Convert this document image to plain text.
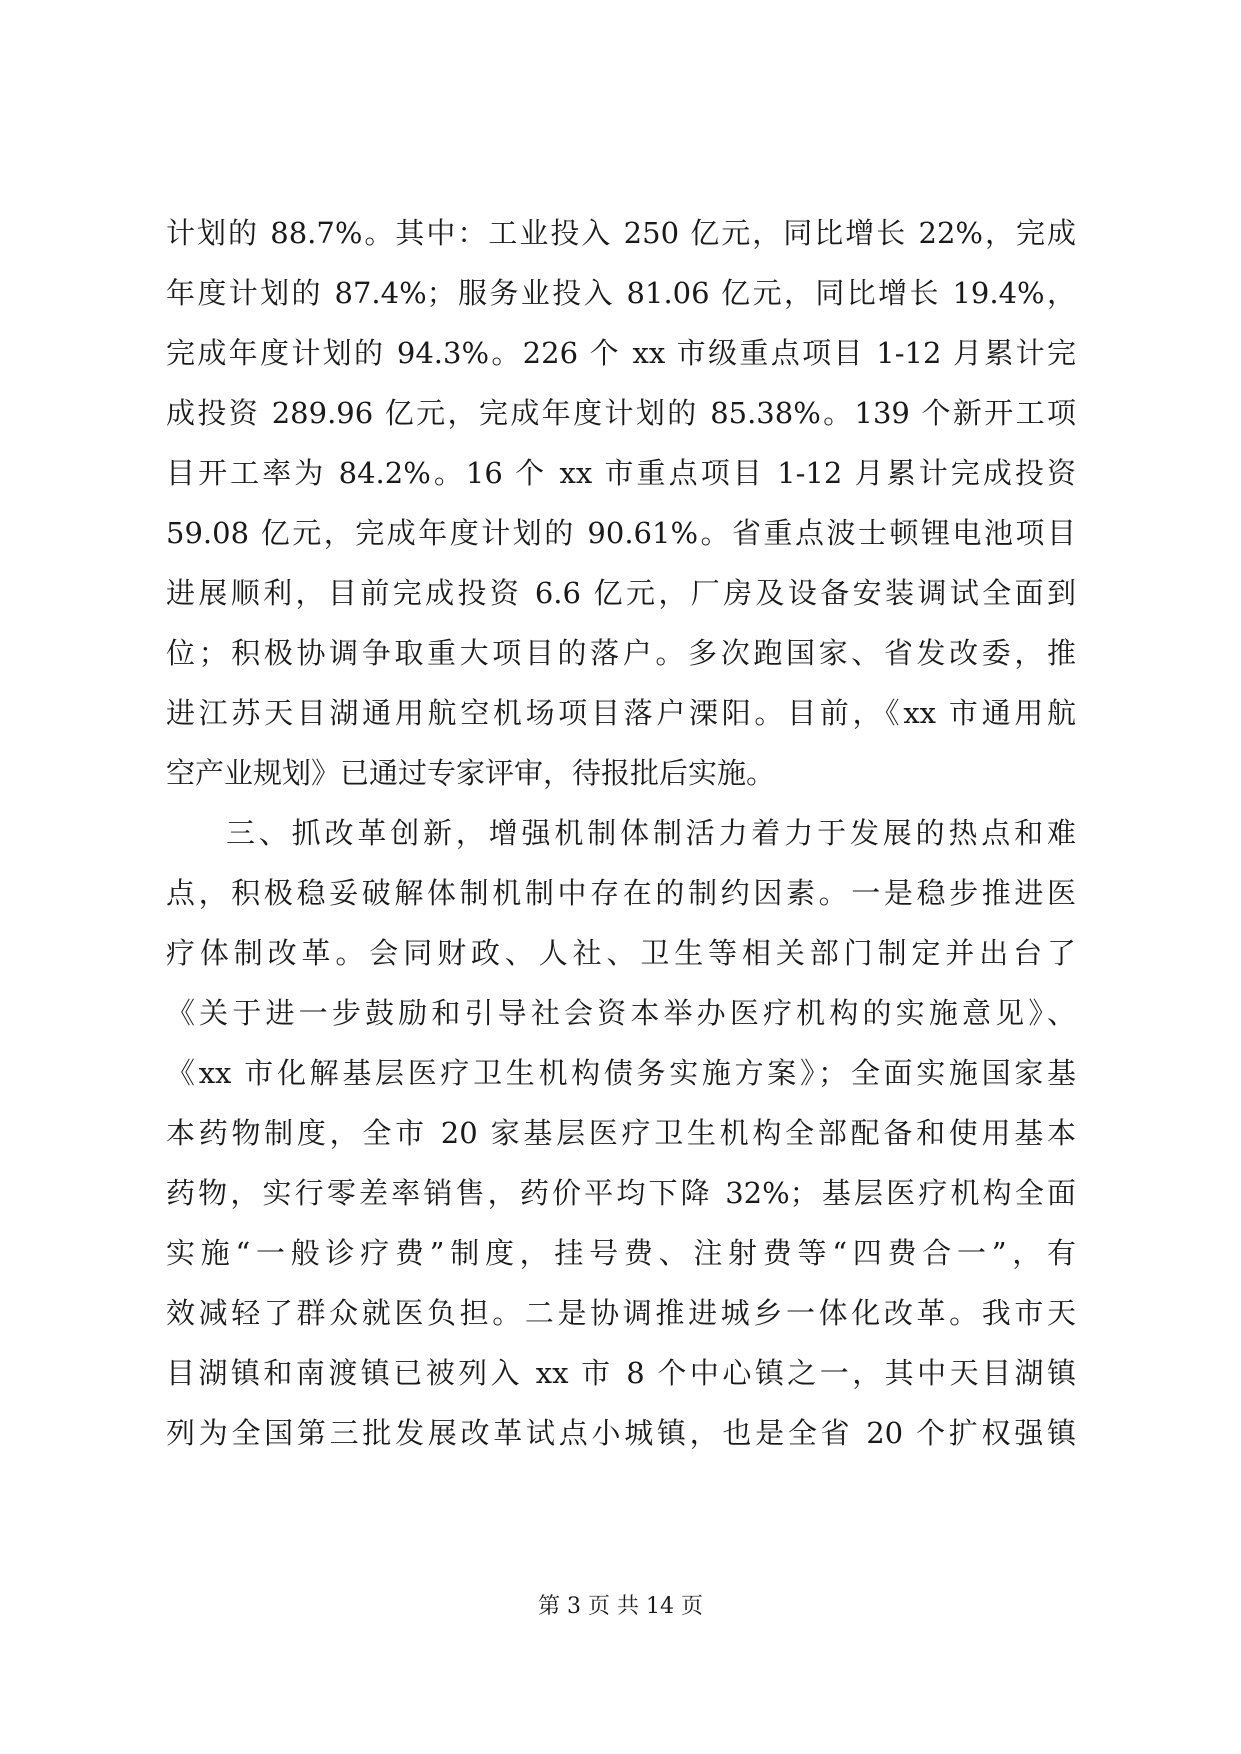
计划的 88.7%。其中：工业投入 250 亿元，同比增长 22%，完成
年度计划的 87.4%；服务业投入 81.06 亿元，同比增长 19.4%，
完成年度计划的 94.3%。226 个 xx 市级重点项目 1-12 月累计完
成投资 289.96 亿元，完成年度计划的 85.38%。139 个新开工项
目开工率为 84.2%。16 个 xx 市重点项目 1-12 月累计完成投资
59.08 亿元，完成年度计划的 90.61%。省重点波士顿锂电池项目
进展顺利，目前完成投资 6.6 亿元，厂房及设备安装调试全面到
位；积极协调争取重大项目的落户。多次跑国家、省发改委，推
进江苏天目湖通用航空机场项目落户溧阳。目前，《xx 市通用航
空产业规划》已通过专家评审，待报批后实施。
三、抓改革创新，增强机制体制活力着力于发展的热点和难
点，积极稳妥破解体制机制中存在的制约因素。一是稳步推进医
疗体制改革。会同财政、人社、卫生等相关部门制定并出台了
《关于进一步鼓励和引导社会资本举办医疗机构的实施意见》、
《xx 市化解基层医疗卫生机构债务实施方案》；全面实施国家基
本药物制度，全市 20 家基层医疗卫生机构全部配备和使用基本
药物，实行零差率销售，药价平均下降 32%；基层医疗机构全面
实施“一般诊疗费”制度，挂号费、注射费等“四费合一”，有
效减轻了群众就医负担。二是协调推进城乡一体化改革。我市天
目湖镇和南渡镇已被列入 xx 市 8 个中心镇之一，其中天目湖镇
列为全国第三批发展改革试点小城镇，也是全省 20 个扩权强镇
第 3 页 共 14 页
